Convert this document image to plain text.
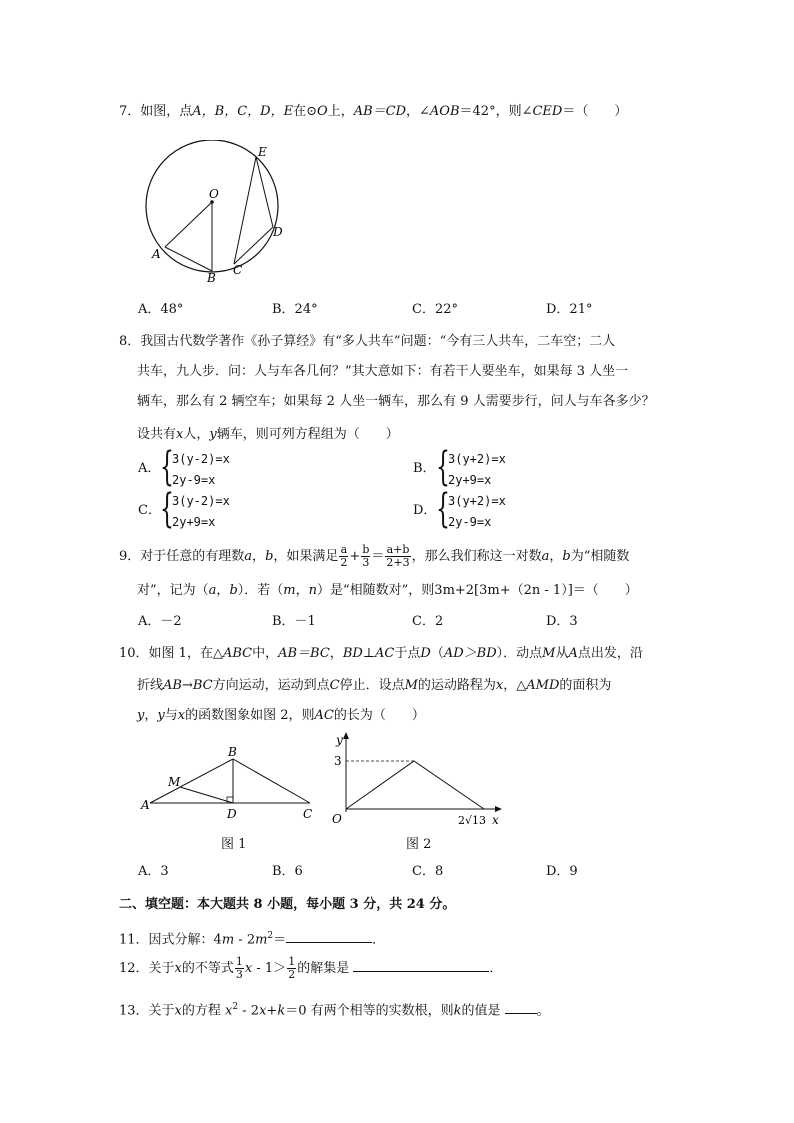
7．如图，点A，B，C，D，E在⊙O上，AB＝CD，∠AOB＝42°，则∠CED＝（　　）
E
O
D
A
B
C
A．48°	B．24°	C．22°	D．21°
8．我国古代数学著作《孙子算经》有“多人共车”问题：“今有三人共车，二车空；二人
共车，九人步．问：人与车各几何？”其大意如下：有若干人要坐车，如果每 3 人坐一
辆车，那么有 2 辆空车；如果每 2 人坐一辆车，那么有 9 人需要步行，问人与车各多少？
设共有x人，y辆车，则可列方程组为（　　）
A． {
3(y-2)=x
2y-9=x
B． {
3(y+2)=x
2y+9=x
C． {
3(y-2)=x
2y+9=x
D． {
3(y+2)=x
2y-9=x
9．对于任意的有理数a，b，如果满足 $\frac{a}{2} + \frac{b}{3} = \frac{a+b}{2+3}$ ，那么我们称这一对数a，b为“相随数
对”，记为（a，b）．若（m，n）是“相随数对”，则3m+2[3m+（2n - 1）]＝（　　）
A．－2	B．－1	C．2	D．3
10．如图 1，在△ABC中，AB＝BC，BD⊥AC于点D（AD＞BD）．动点M从A点出发，沿
折线AB→BC方向运动，运动到点C停止．设点M的运动路程为x，△AMD的面积为
y，y与x的函数图象如图 2，则AC的长为（　　）
B
M
A
D	C
图 1
y
3
O	2√13 x
图 2
A．3	B．6	C．8	D．9
二、填空题：本大题共 8 小题，每小题 3 分，共 24 分。
11．因式分解：$4m - 2m^2=$	．
12．关于x的不等式 $\frac{1}{3}$ $x - 1> \frac{1}{2}$ 的解集是	．
13．关于x的方程 $x^2 - 2x+k=0$ 有两个相等的实数根，则k的值是	。
